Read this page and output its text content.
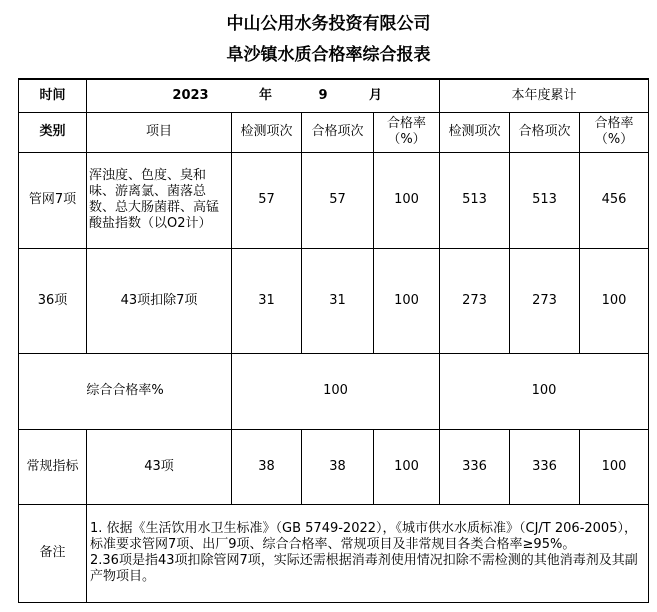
中山公用水务投资有限公司
阜沙镇水质合格率综合报表
时间	2023 年 9 月				本年度累计		
类别	项目	检测项次	合格项次	合格率（%）	检测项次	合格项次	合格率（%）
管网7项	浑浊度、色度、臭和味、游离氯、菌落总数、总大肠菌群、高锰酸盐指数（以O2计）	57	57	100	513	513	456
36项	43项扣除7项	31	31	100	273	273	100
综合合格率%		100			100		
常规指标	43项	38	38	100	336	336	100
备注	1. 依据《生活饮用水卫生标准》（GB 5749-2022），《城市供水水质标准》（CJ/T 206-2005），标准要求管网7项、出厂9项、综合合格率、常规项目及非常规目各类合格率≥95%。
2.36项是指43项扣除管网7项，实际还需根据消毒剂使用情况扣除不需检测的其他消毒剂及其副产物项目。						
